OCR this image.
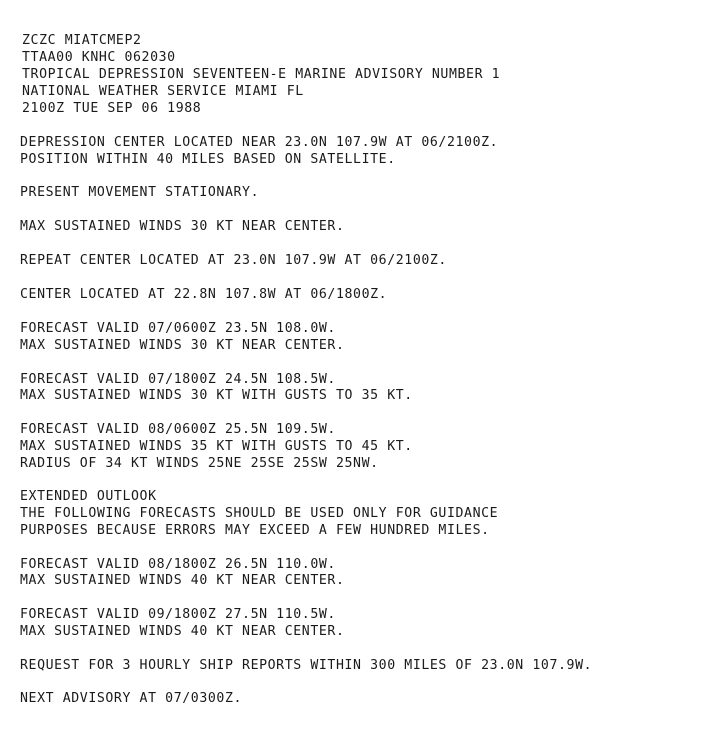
ZCZC MIATCMEP2
TTAA00 KNHC 062030
TROPICAL DEPRESSION SEVENTEEN-E MARINE ADVISORY NUMBER 1
NATIONAL WEATHER SERVICE MIAMI FL
2100Z TUE SEP 06 1988
DEPRESSION CENTER LOCATED NEAR 23.0N 107.9W AT 06/2100Z.
POSITION WITHIN 40 MILES BASED ON SATELLITE.
PRESENT MOVEMENT STATIONARY.
MAX SUSTAINED WINDS 30 KT NEAR CENTER.
REPEAT CENTER LOCATED AT 23.0N 107.9W AT 06/2100Z.
CENTER LOCATED AT 22.8N 107.8W AT 06/1800Z.
FORECAST VALID 07/0600Z 23.5N 108.0W.
MAX SUSTAINED WINDS 30 KT NEAR CENTER.
FORECAST VALID 07/1800Z 24.5N 108.5W.
MAX SUSTAINED WINDS 30 KT WITH GUSTS TO 35 KT.
FORECAST VALID 08/0600Z 25.5N 109.5W.
MAX SUSTAINED WINDS 35 KT WITH GUSTS TO 45 KT.
RADIUS OF 34 KT WINDS 25NE 25SE 25SW 25NW.
EXTENDED OUTLOOK
THE FOLLOWING FORECASTS SHOULD BE USED ONLY FOR GUIDANCE
PURPOSES BECAUSE ERRORS MAY EXCEED A FEW HUNDRED MILES.
FORECAST VALID 08/1800Z 26.5N 110.0W.
MAX SUSTAINED WINDS 40 KT NEAR CENTER.
FORECAST VALID 09/1800Z 27.5N 110.5W.
MAX SUSTAINED WINDS 40 KT NEAR CENTER.
REQUEST FOR 3 HOURLY SHIP REPORTS WITHIN 300 MILES OF 23.0N 107.9W.
NEXT ADVISORY AT 07/0300Z.
